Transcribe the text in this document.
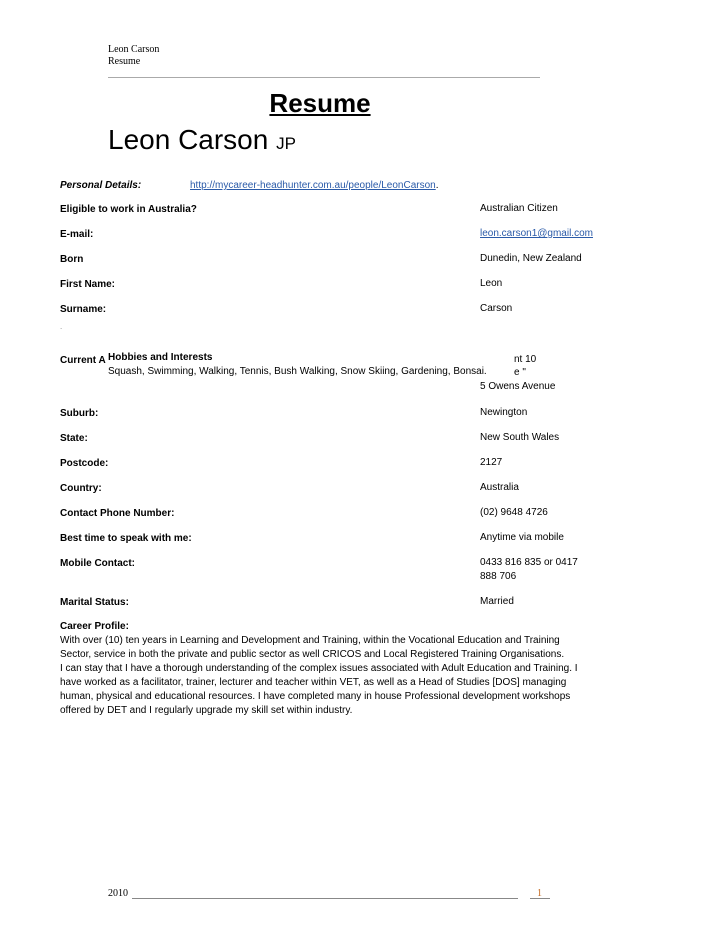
Leon Carson
Resume
Resume
Leon Carson JP
Personal Details:	http://mycareer-headhunter.com.au/people/LeonCarson.
Eligible to work in Australia?	Australian Citizen
E-mail:	leon.carson1@gmail.com
Born	Dunedin, New Zealand
First Name:	Leon
Surname:	Carson
.
Current A	nt 10
e "
5 Owens Avenue
Hobbies and Interests
Squash, Swimming, Walking, Tennis, Bush Walking, Snow Skiing, Gardening, Bonsai.
Suburb:	Newington
State:	New South Wales
Postcode:	2127
Country:	Australia
Contact Phone Number:	(02) 9648 4726
Best time to speak with me:	Anytime via mobile
Mobile Contact:	0433 816 835 or 0417 888 706
Marital Status:	Married
Career Profile:

With over (10) ten years in Learning and Development and Training, within the Vocational Education and Training Sector, service in both the private and public sector as well CRICOS and Local Registered Training Organisations.

I can stay that I have a thorough understanding of the complex issues associated with Adult Education and Training. I have worked as a facilitator, trainer, lecturer and teacher within VET, as well as a Head of Studies [DOS] managing human, physical and educational resources. I have completed many in house Professional development workshops offered by DET and I regularly upgrade my skill set within industry.

2010	1
